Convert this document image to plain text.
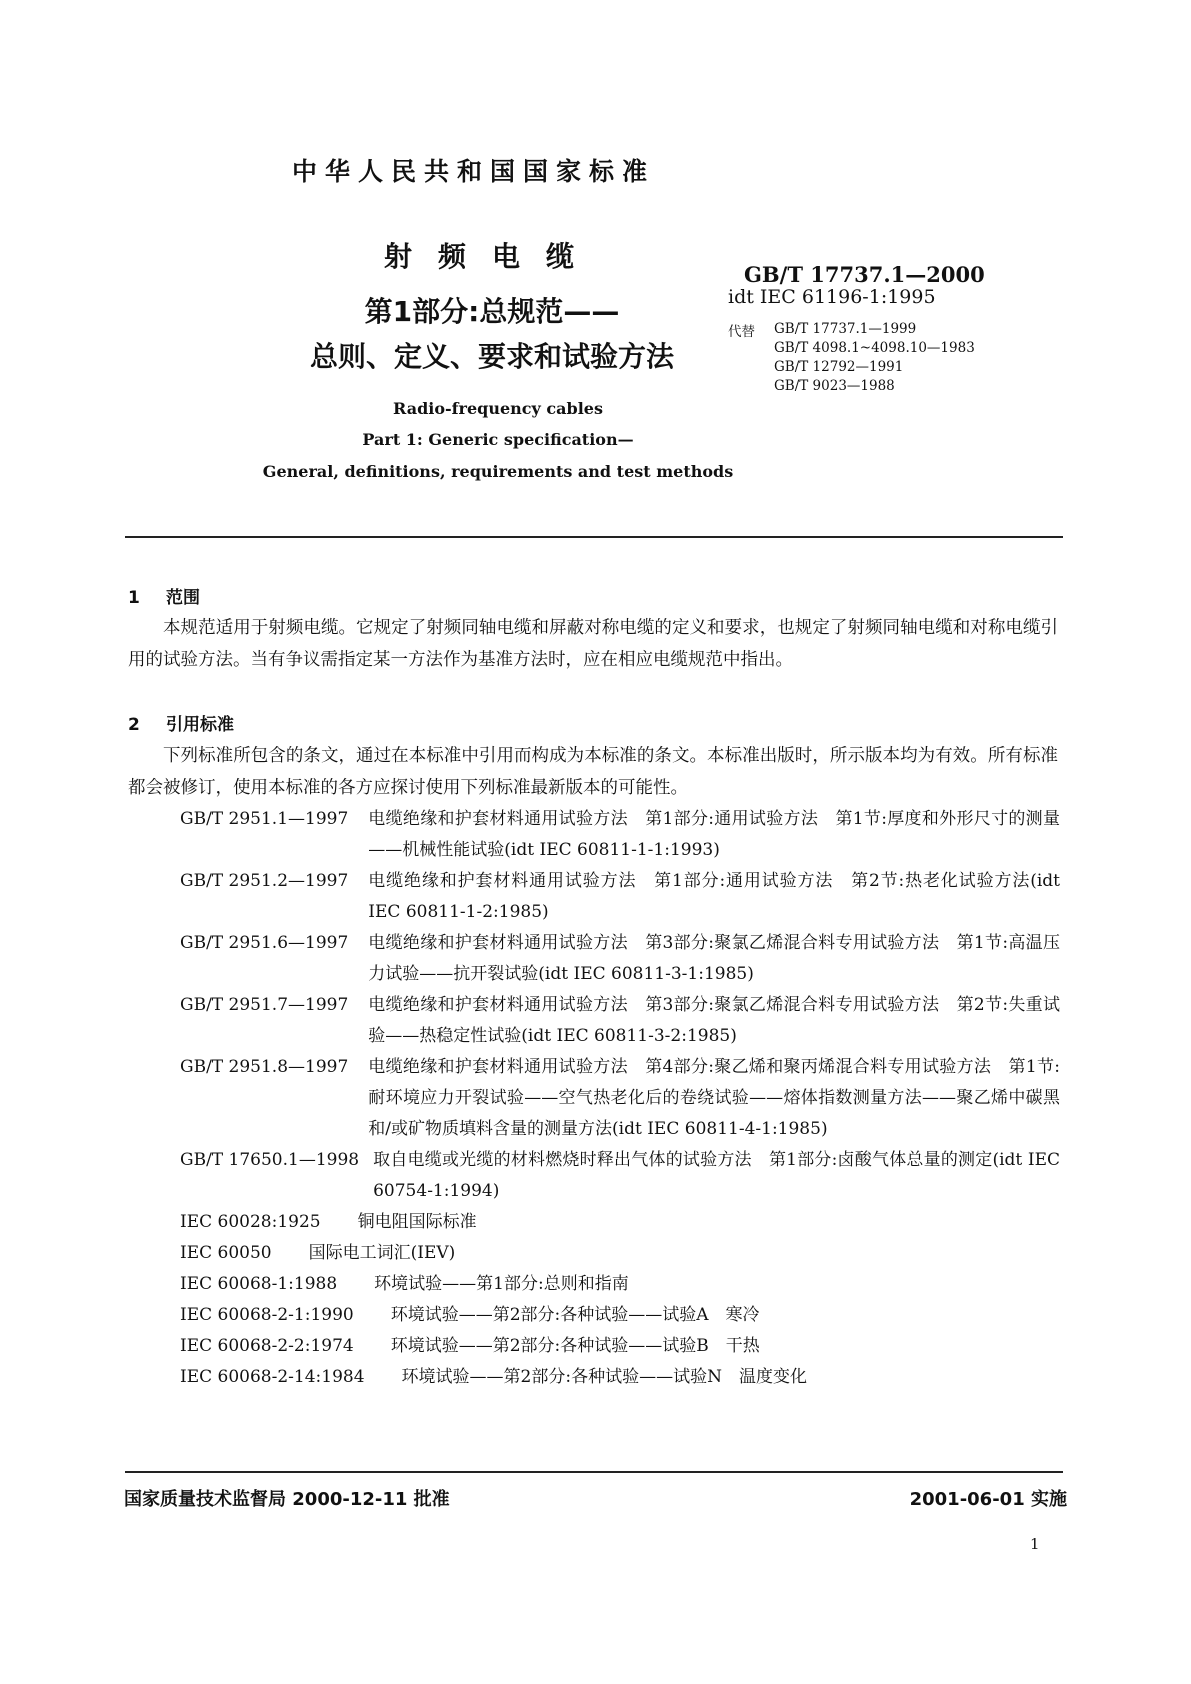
中华人民共和国国家标准
射频电缆
第1部分:总规范——
总则、定义、要求和试验方法
GB/T 17737.1—2000
idt IEC 61196-1:1995
代替 GB/T 17737.1—1999
GB/T 4098.1~4098.10—1983
GB/T 12792—1991
GB/T 9023—1988
Radio-frequency cables
Part 1: Generic specification—
General, definitions, requirements and test methods
1 范围
本规范适用于射频电缆。它规定了射频同轴电缆和屏蔽对称电缆的定义和要求，也规定了射频同轴电缆和对称电缆引用的试验方法。当有争议需指定某一方法作为基准方法时，应在相应电缆规范中指出。
2 引用标准
下列标准所包含的条文，通过在本标准中引用而构成为本标准的条文。本标准出版时，所示版本均为有效。所有标准都会被修订，使用本标准的各方应探讨使用下列标准最新版本的可能性。
GB/T 2951.1—1997	电缆绝缘和护套材料通用试验方法　第1部分:通用试验方法　第1节:厚度和外形尺寸的测量——机械性能试验(idt IEC 60811-1-1:1993)
GB/T 2951.2—1997	电缆绝缘和护套材料通用试验方法　第1部分:通用试验方法　第2节:热老化试验方法(idt IEC 60811-1-2:1985)
GB/T 2951.6—1997	电缆绝缘和护套材料通用试验方法　第3部分:聚氯乙烯混合料专用试验方法　第1节:高温压力试验——抗开裂试验(idt IEC 60811-3-1:1985)
GB/T 2951.7—1997	电缆绝缘和护套材料通用试验方法　第3部分:聚氯乙烯混合料专用试验方法　第2节:失重试验——热稳定性试验(idt IEC 60811-3-2:1985)
GB/T 2951.8—1997	电缆绝缘和护套材料通用试验方法　第4部分:聚乙烯和聚丙烯混合料专用试验方法　第1节:耐环境应力开裂试验——空气热老化后的卷绕试验——熔体指数测量方法——聚乙烯中碳黑和/或矿物质填料含量的测量方法(idt IEC 60811-4-1:1985)
GB/T 17650.1—1998 取自电缆或光缆的材料燃烧时释出气体的试验方法　第1部分:卤酸气体总量的测定(idt IEC 60754-1:1994)
IEC 60028:1925　 铜电阻国际标准
IEC 60050　 国际电工词汇(IEV)
IEC 60068-1:1988　 环境试验——第1部分:总则和指南
IEC 60068-2-1:1990　 环境试验——第2部分:各种试验——试验A　寒冷
IEC 60068-2-2:1974　 环境试验——第2部分:各种试验——试验B　干热
IEC 60068-2-14:1984　 环境试验——第2部分:各种试验——试验N　温度变化
国家质量技术监督局 2000-12-11 批准	2001-06-01 实施
1
